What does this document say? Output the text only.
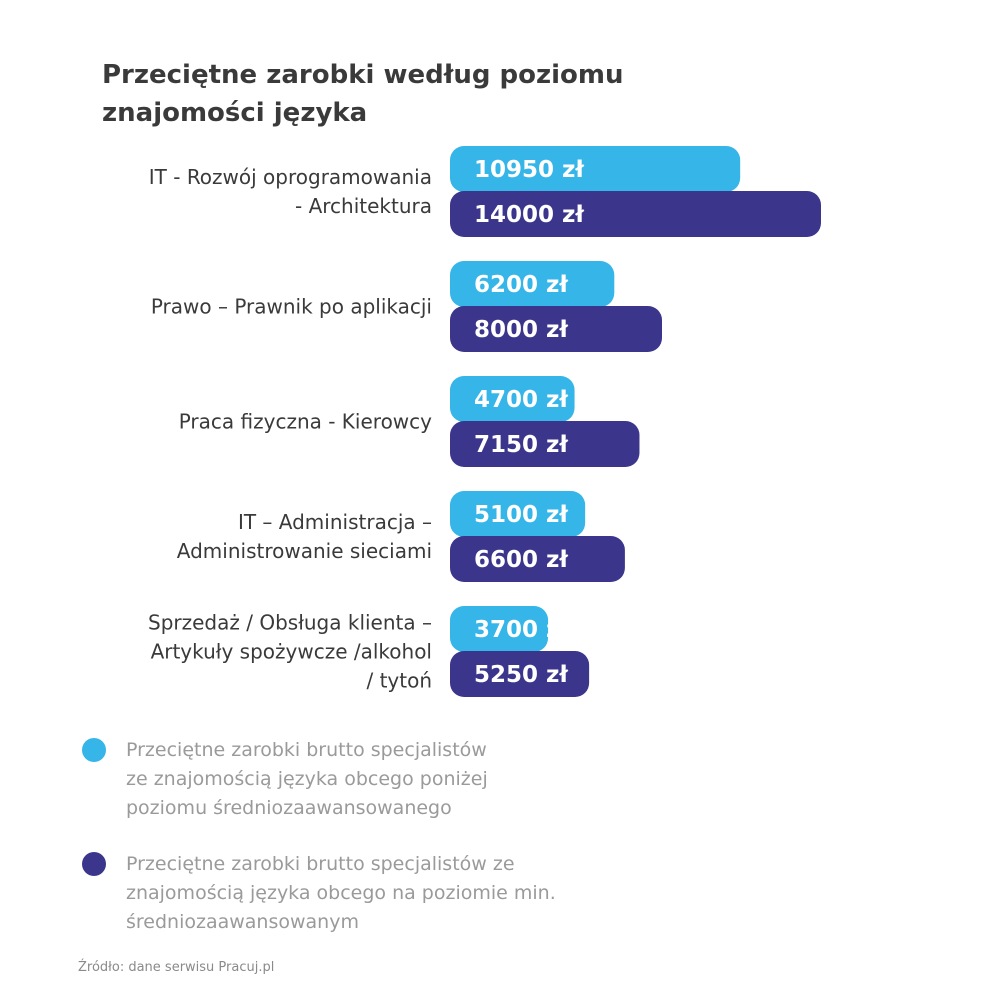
Przeciętne zarobki według poziomu
znajomości języka
10950 zł
14000 zł
IT - Rozwój oprogramowania - Architektura
6200 zł
8000 zł
Prawo – Prawnik po aplikacji
4700 zł
7150 zł
Praca fizyczna - Kierowcy
5100 zł
6600 zł
IT – Administracja – Administrowanie sieciami
3700 zł
5250 zł
Sprzedaż / Obsługa klienta – Artykuły spożywcze /alkohol / tytoń
Przeciętne zarobki brutto specjalistów
ze znajomością języka obcego poniżej
poziomu średniozaawansowanego
Przeciętne zarobki brutto specjalistów ze
znajomością języka obcego na poziomie min.
średniozaawansowanym
Źródło: dane serwisu Pracuj.pl
